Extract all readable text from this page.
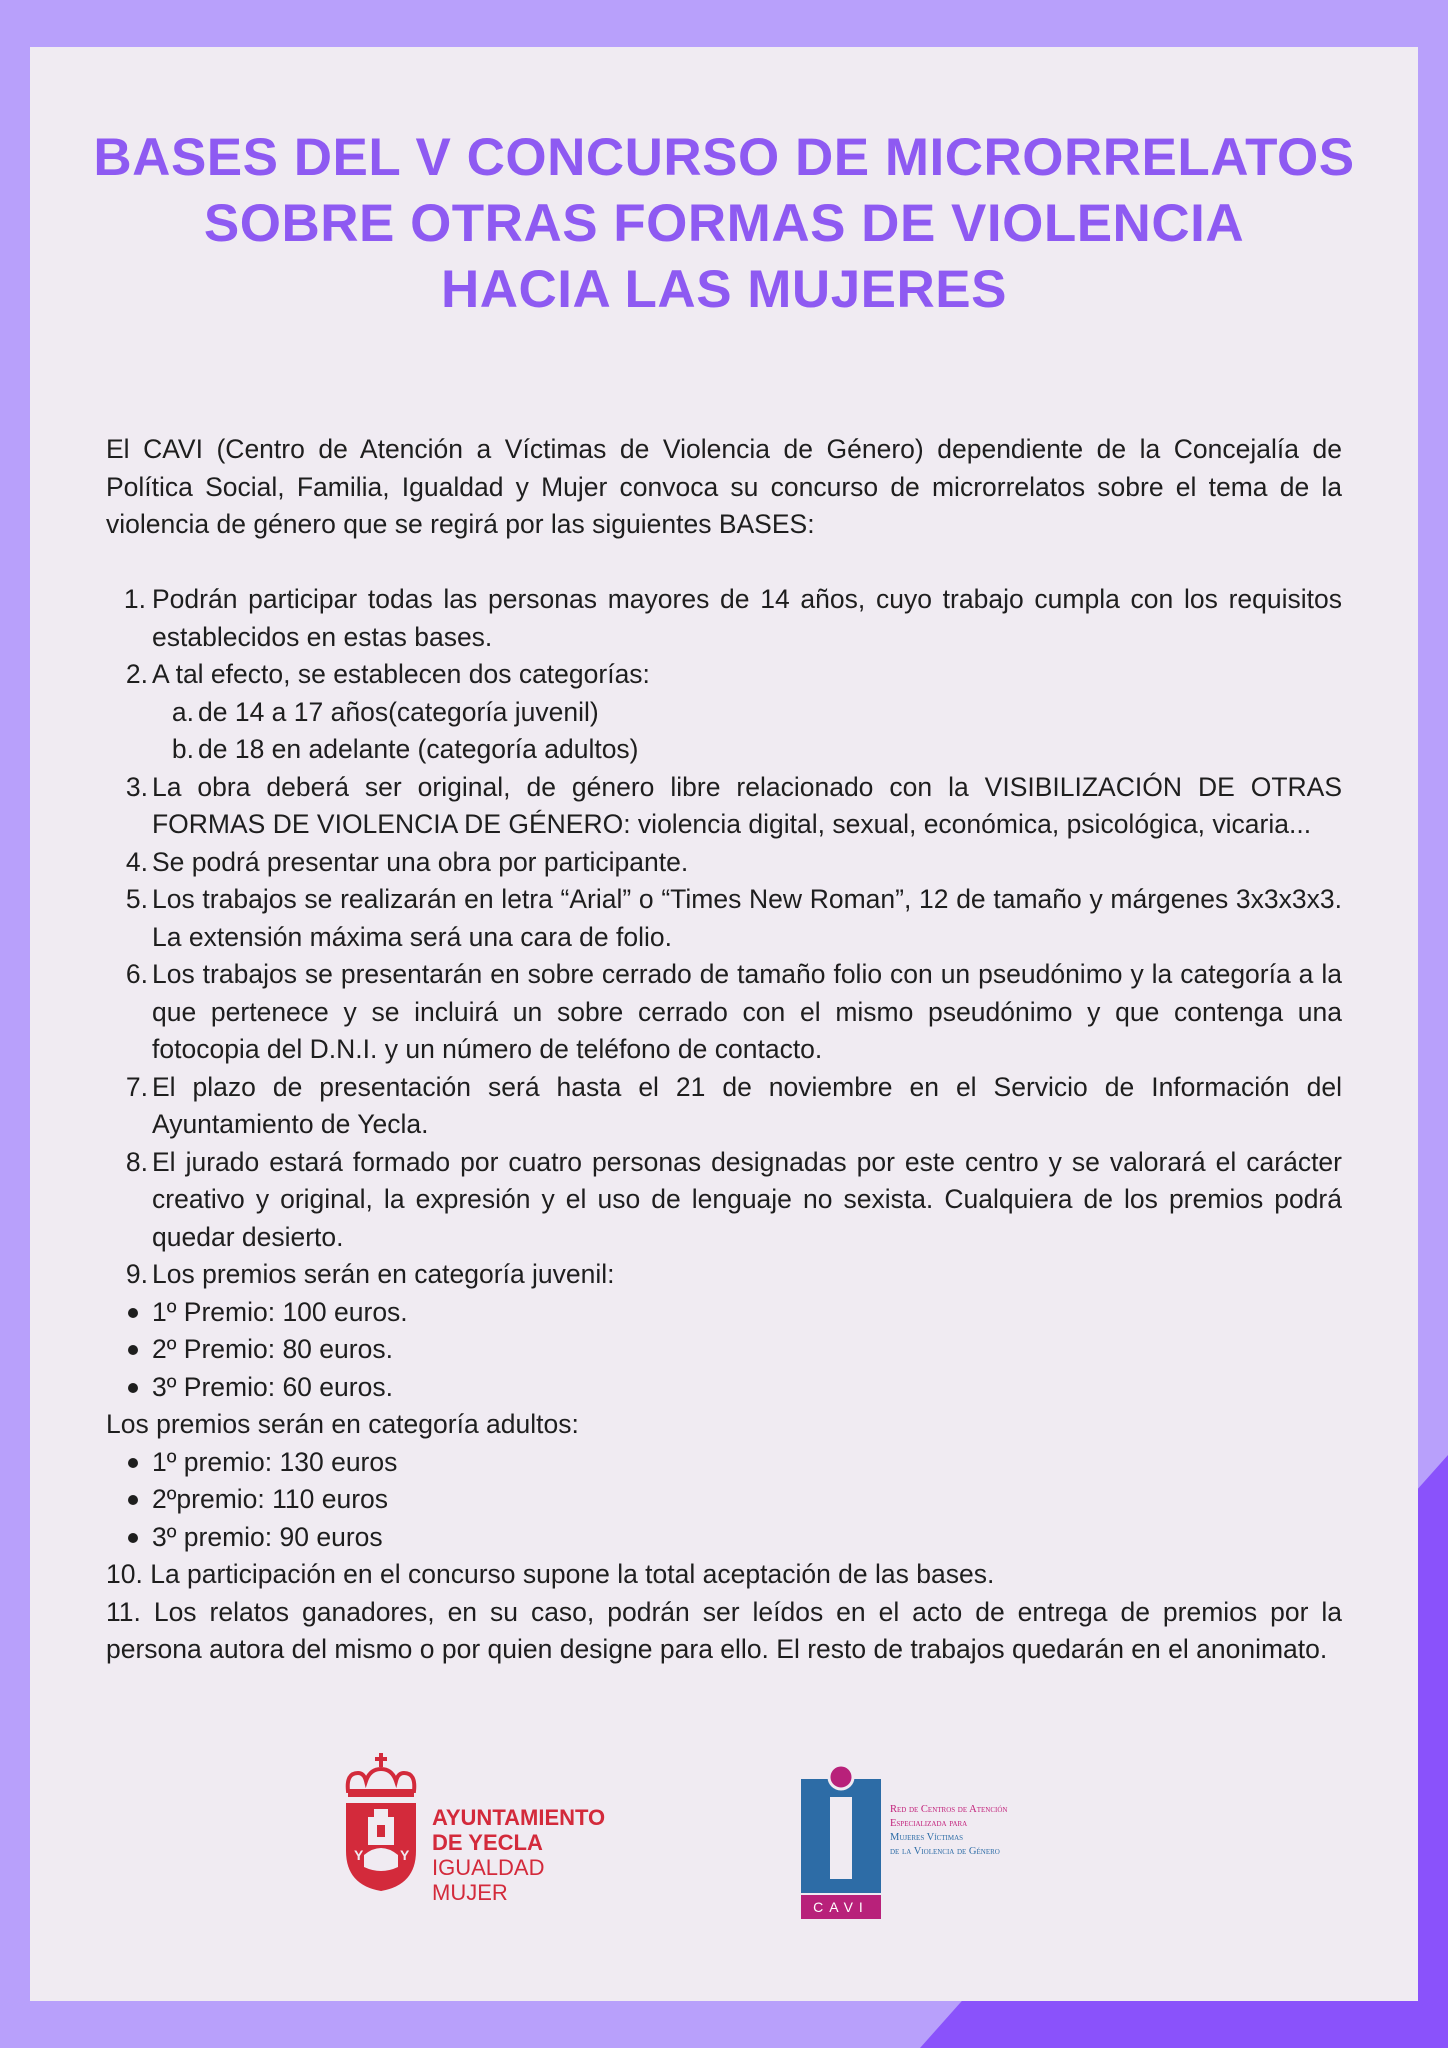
BASES DEL V CONCURSO DE MICRORRELATOS
SOBRE OTRAS FORMAS DE VIOLENCIA
HACIA LAS MUJERES

El CAVI (Centro de Atención a Víctimas de Violencia de Género) dependiente de la Concejalía de Política Social, Familia, Igualdad y Mujer convoca su concurso de microrrelatos sobre el tema de la violencia de género que se regirá por las siguientes BASES:

1. Podrán participar todas las personas mayores de 14 años, cuyo trabajo cumpla con los requisitos establecidos en estas bases.
2. A tal efecto, se establecen dos categorías:
a. de 14 a 17 años(categoría juvenil)
b. de 18 en adelante (categoría adultos)
3. La obra deberá ser original, de género libre relacionado con la VISIBILIZACIÓN DE OTRAS FORMAS DE VIOLENCIA DE GÉNERO: violencia digital, sexual, económica, psicológica, vicaria...
4. Se podrá presentar una obra por participante.
5. Los trabajos se realizarán en letra “Arial” o “Times New Roman”, 12 de tamaño y márgenes 3x3x3x3. La extensión máxima será una cara de folio.
6. Los trabajos se presentarán en sobre cerrado de tamaño folio con un pseudónimo y la categoría a la que pertenece y se incluirá un sobre cerrado con el mismo pseudónimo y que contenga una fotocopia del D.N.I. y un número de teléfono de contacto.
7. El plazo de presentación será hasta el 21 de noviembre en el Servicio de Información del Ayuntamiento de Yecla.
8. El jurado estará formado por cuatro personas designadas por este centro y se valorará el carácter creativo y original, la expresión y el uso de lenguaje no sexista. Cualquiera de los premios podrá quedar desierto.
9. Los premios serán en categoría juvenil:
1º Premio: 100 euros.
2º Premio: 80 euros.
3º Premio: 60 euros.
Los premios serán en categoría adultos:
1º premio: 130 euros
2ºpremio: 110 euros
3º premio: 90 euros
10. La participación en el concurso supone la total aceptación de las bases.
11. Los relatos ganadores, en su caso, podrán ser leídos en el acto de entrega de premios por la persona autora del mismo o por quien designe para ello. El resto de trabajos quedarán en el anonimato.
Y	Y
AYUNTAMIENTO
DE YECLA
IGUALDAD
MUJER
CAVI
Red de Centros de Atención
Especializada para
Mujeres Víctimas
de la Violencia de Género
